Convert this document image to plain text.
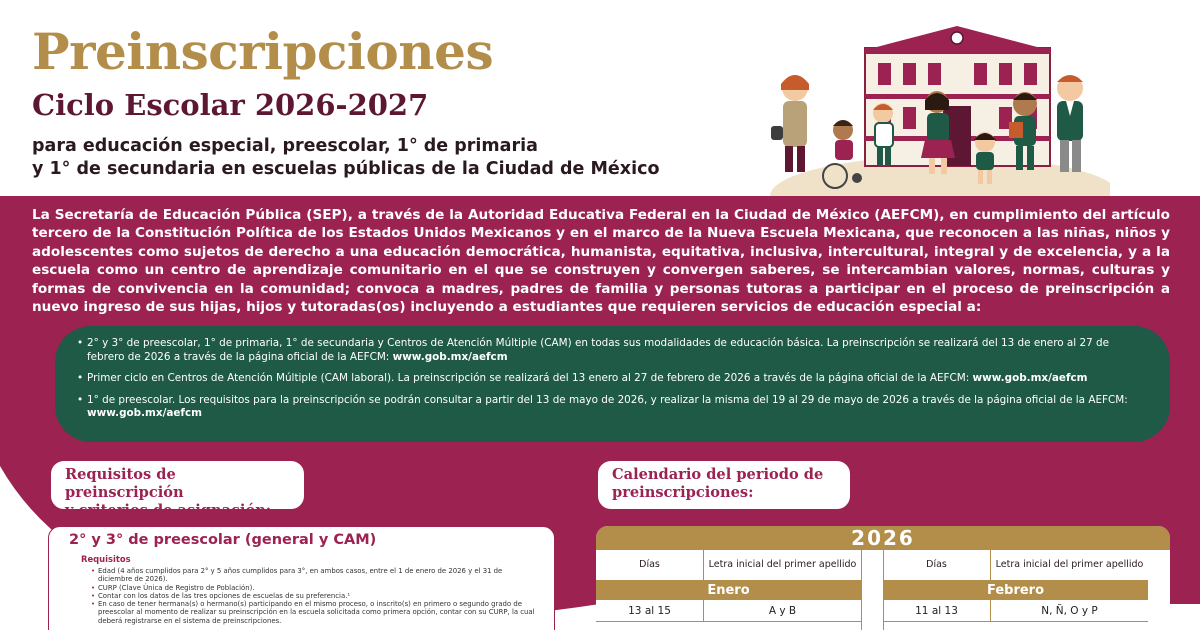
Preinscripciones
Ciclo Escolar 2026-2027
para educación especial, preescolar, 1° de primaria
y 1° de secundaria en escuelas públicas de la Ciudad de México

La Secretaría de Educación Pública (SEP), a través de la Autoridad Educativa Federal en la Ciudad de México (AEFCM), en cumplimiento del artículo tercero de la Constitución Política de los Estados Unidos Mexicanos y en el marco de la Nueva Escuela Mexicana, que reconocen a las niñas, niños y adolescentes como sujetos de derecho a una educación democrática, humanista, equitativa, inclusiva, intercultural, integral y de excelencia, y a la escuela como un centro de aprendizaje comunitario en el que se construyen y convergen saberes, se intercambian valores, normas, culturas y formas de convivencia en la comunidad; convoca a madres, padres de familia y personas tutoras a participar en el proceso de preinscripción a nuevo ingreso de sus hijas, hijos y tutoradas(os) incluyendo a estudiantes que requieren servicios de educación especial a:

• 2° y 3° de preescolar, 1° de primaria, 1° de secundaria y Centros de Atención Múltiple (CAM) en todas sus modalidades de educación básica. La preinscripción se realizará del 13 de enero al 27 de febrero de 2026 a través de la página oficial de la AEFCM: www.gob.mx/aefcm
• Primer ciclo en Centros de Atención Múltiple (CAM laboral). La preinscripción se realizará del 13 enero al 27 de febrero de 2026 a través de la página oficial de la AEFCM: www.gob.mx/aefcm
• 1° de preescolar. Los requisitos para la preinscripción se podrán consultar a partir del 13 de mayo de 2026, y realizar la misma del 19 al 29 de mayo de 2026 a través de la página oficial de la AEFCM: www.gob.mx/aefcm
Requisitos de preinscripción
y criterios de asignación:
Calendario del periodo de
preinscripciones:
2° y 3° de preescolar (general y CAM)
Requisitos
• Edad (4 años cumplidos para 2° y 5 años cumplidos para 3°, en ambos casos, entre el 1 de enero de 2026 y el 31 de diciembre de 2026).
• CURP (Clave Única de Registro de Población).
• Contar con los datos de las tres opciones de escuelas de su preferencia.¹
• En caso de tener hermana(s) o hermano(s) participando en el mismo proceso, o inscrito(s) en primero o segundo grado de preescolar al momento de realizar su preinscripción en la escuela solicitada como primera opción, contar con su CURP, la cual deberá registrarse en el sistema de preinscripciones.
2026
Días	Letra inicial del primer apellido
Enero
13 al 15	A y B
Días	Letra inicial del primer apellido
Febrero
11 al 13	N, Ñ, O y P
